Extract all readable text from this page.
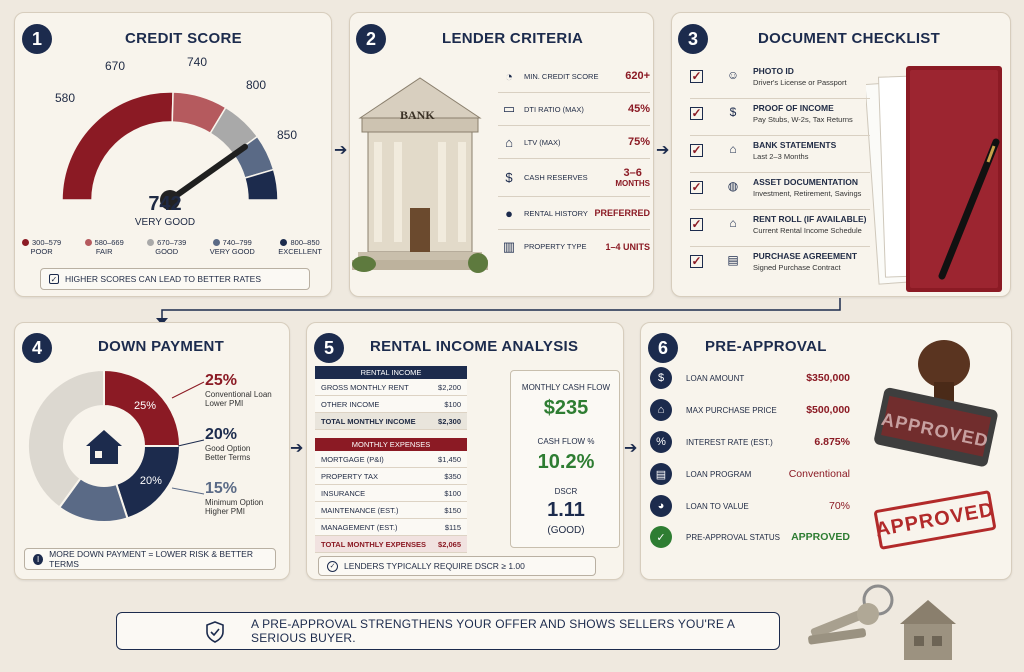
1	CREDIT SCORE
580
670	740
800
850
742
VERY GOOD
300–579
POOR
580–669
FAIR
670–739
GOOD
740–799
VERY GOOD
800–850
EXCELLENT
✓ HIGHER SCORES CAN LEAD TO BETTER RATES
➔
2	LENDER CRITERIA
BANK
◔	MIN. CREDIT SCORE	620+
▭	DTI RATIO (MAX)	45%
⌂	LTV (MAX)	75%
$	CASH RESERVES	3–6
MONTHS
●	RENTAL HISTORY PREFERRED
▥	PROPERTY TYPE	1–4 UNITS
➔
3	DOCUMENT CHECKLIST
✓	☺	PHOTO ID
Driver's License or Passport
✓	$	PROOF OF INCOME
Pay Stubs, W-2s, Tax Returns
✓	⌂	BANK STATEMENTS
Last 2–3 Months
✓	◍	ASSET DOCUMENTATION
Investment, Retirement, Savings
✓	⌂	RENT ROLL (IF AVAILABLE)
Current Rental Income Schedule
✓	▤	PURCHASE AGREEMENT
Signed Purchase Contract
4	DOWN PAYMENT
25%
20%
25%
Conventional Loan
Lower PMI
20%
Good Option
Better Terms
15%
Minimum Option
Higher PMI
I	MORE DOWN PAYMENT = LOWER RISK & BETTER TERMS
➔
5	RENTAL INCOME ANALYSIS
RENTAL INCOME
GROSS MONTHLY RENT	$2,200
OTHER INCOME	$100
TOTAL MONTHLY INCOME	$2,300
MONTHLY EXPENSES
MORTGAGE (P&I)	$1,450
PROPERTY TAX	$350
INSURANCE	$100
MAINTENANCE (EST.)	$150
MANAGEMENT (EST.)	$115
TOTAL MONTHLY EXPENSES $2,065
MONTHLY CASH FLOW
$235
CASH FLOW %
10.2%
DSCR
1.11
(GOOD)
✓	LENDERS TYPICALLY REQUIRE DSCR ≥ 1.00
➔
6	PRE-APPROVAL
$	LOAN AMOUNT	$350,000
⌂	MAX PURCHASE PRICE	$500,000
%	INTEREST RATE (EST.)	6.875%
▤	LOAN PROGRAM	Conventional
◕	LOAN TO VALUE	70%
✓	PRE-APPROVAL STATUS	APPROVED
APPROVED
APPROVED
A PRE-APPROVAL STRENGTHENS YOUR OFFER AND SHOWS SELLERS YOU'RE A SERIOUS BUYER.
